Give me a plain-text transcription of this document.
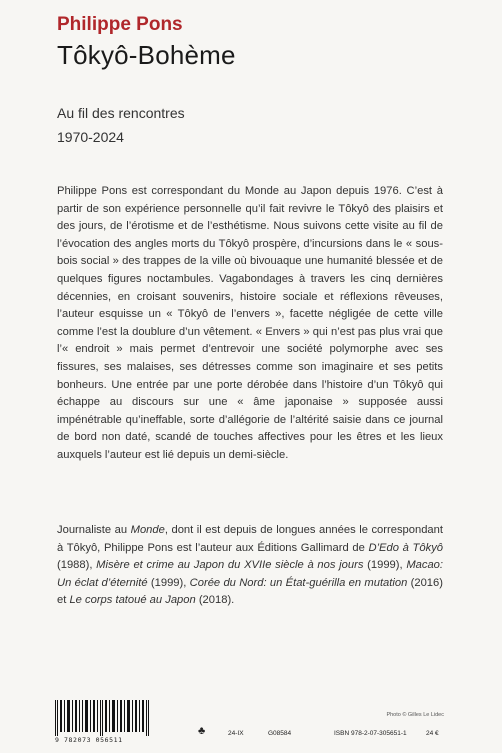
Philippe Pons
Tôkyô-Bohème
Au fil des rencontres
1970-2024

Philippe Pons est correspondant du Monde au Japon depuis 1976. C’est à partir de son expérience personnelle qu’il fait revivre le Tôkyô des plaisirs et des jours, de l’érotisme et de l’esthétisme. Nous suivons cette visite au fil de l’évocation des angles morts du Tôkyô prospère, d’incursions dans le « sous-bois social » des trappes de la ville où bivouaque une humanité blessée et de quelques figures noctambules. Vagabondages à travers les cinq dernières décennies, en croisant souvenirs, histoire sociale et réflexions rêveuses, l’auteur esquisse un « Tôkyô de l’envers », facette négligée de cette ville comme l’est la doublure d’un vêtement. « Envers » qui n’est pas plus vrai que l’« endroit » mais permet d’entrevoir une société polymorphe avec ses fissures, ses malaises, ses détresses comme son imaginaire et ses petits bonheurs. Une entrée par une porte dérobée dans l’histoire d’un Tôkyô qui échappe au discours sur une « âme japonaise » supposée aussi impénétrable qu’ineffable, sorte d’allégorie de l’altérité saisie dans ce journal de bord non daté, scandé de touches affectives pour les êtres et les lieux auxquels l’auteur est lié depuis un demi-siècle.

Journaliste au Monde, dont il est depuis de longues années le correspondant à Tôkyô, Philippe Pons est l’auteur aux Éditions Gallimard de D’Edo à Tôkyô (1988), Misère et crime au Japon du XVIIe siècle à nos jours (1999), Macao: Un éclat d’éternité (1999), Corée du Nord: un État-guérilla en mutation (2016) et Le corps tatoué au Japon (2018).

9 782073 056511
Photo © Gilles Le Lidec
♣	24-IX	G08584	ISBN 978-2-07-305651-1	24 €
